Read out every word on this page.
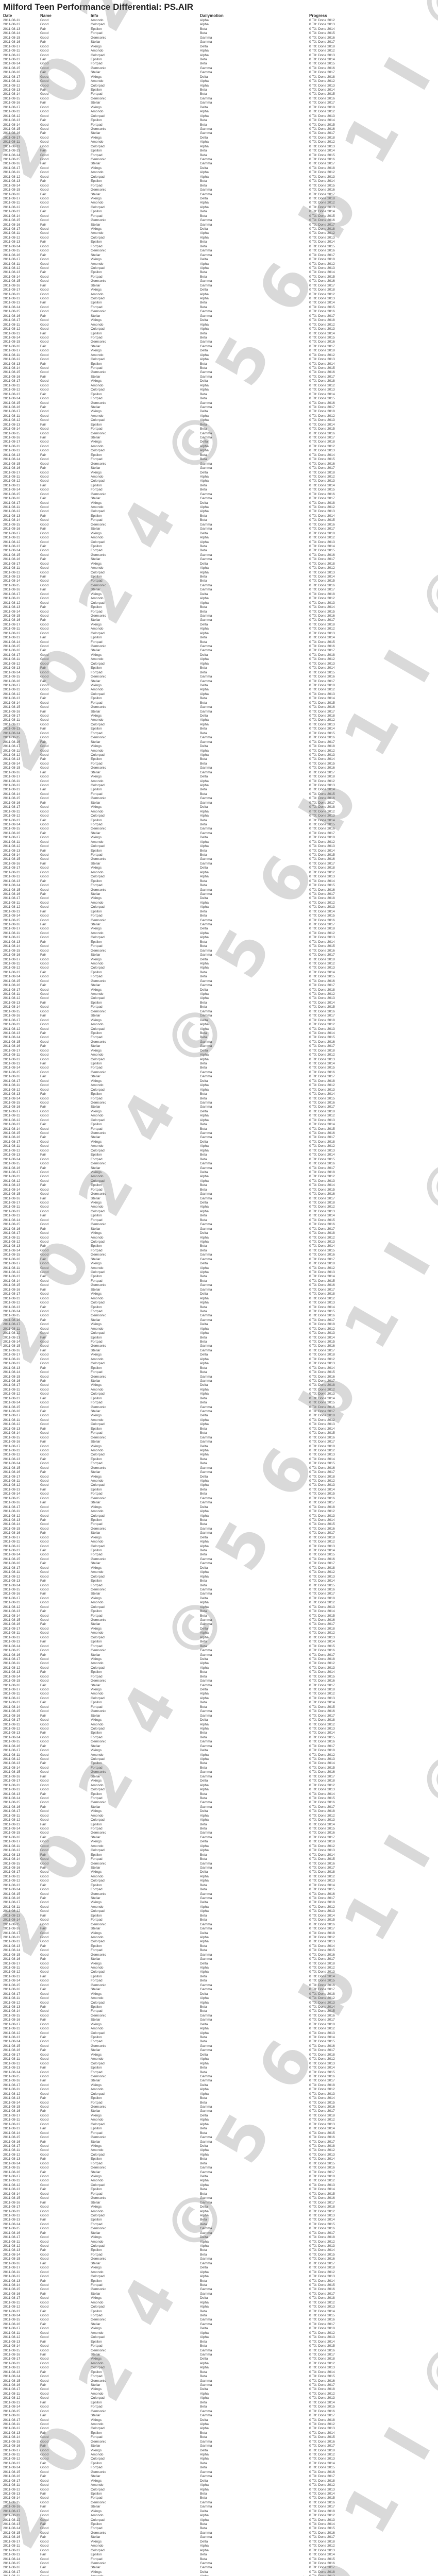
Milford Teen Performance Differential: PS.AIR
Date	Name	Info	Dailymotion	Progress
2011-08-11	Good	Amondo	Alpha	0 TX: Done 2012
2011-08-12	Good	Colorpad	Alpha	0 TX: Done 2013
2011-08-13	Fair	Epsilon	Beta	0 TX: Done 2014
2011-08-14	Good	Fortpad	Beta	0 TX: Done 2015
2011-08-15	Good	Gemsonic	Gamma	0 TX: Done 2016
2011-08-16	Fair	Stellar	Gamma	0 TX: Done 2017
2011-08-17	Good	Vikings	Delta	0 TX: Done 2018
2011-08-11	Good	Amondo	Alpha	0 TX: Done 2012
2011-08-12	Good	Colorpad	Alpha	0 TX: Done 2013
2011-08-13	Fair	Epsilon	Beta	0 TX: Done 2014
2011-08-14	Good	Fortpad	Beta	0 TX: Done 2015
2011-08-15	Good	Gemsonic	Gamma	0 TX: Done 2016
2011-08-16	Fair	Stellar	Gamma	0 TX: Done 2017
2011-08-17	Good	Vikings	Delta	0 TX: Done 2018
2011-08-11	Good	Amondo	Alpha	0 TX: Done 2012
2011-08-12	Good	Colorpad	Alpha	0 TX: Done 2013
2011-08-13	Fair	Epsilon	Beta	0 TX: Done 2014
2011-08-14	Good	Fortpad	Beta	0 TX: Done 2015
2011-08-15	Good	Gemsonic	Gamma	0 TX: Done 2016
2011-08-16	Fair	Stellar	Gamma	0 TX: Done 2017
2011-08-17	Good	Vikings	Delta	0 TX: Done 2018
2011-08-11	Good	Amondo	Alpha	0 TX: Done 2012
2011-08-12	Good	Colorpad	Alpha	0 TX: Done 2013
2011-08-13	Fair	Epsilon	Beta	0 TX: Done 2014
2011-08-14	Good	Fortpad	Beta	0 TX: Done 2015
2011-08-15	Good	Gemsonic	Gamma	0 TX: Done 2016
2011-08-16	Fair	Stellar	Gamma	0 TX: Done 2017
2011-08-17	Good	Vikings	Delta	0 TX: Done 2018
2011-08-11	Good	Amondo	Alpha	0 TX: Done 2012
2011-08-12	Good	Colorpad	Alpha	0 TX: Done 2013
2011-08-13	Fair	Epsilon	Beta	0 TX: Done 2014
2011-08-14	Good	Fortpad	Beta	0 TX: Done 2015
2011-08-15	Good	Gemsonic	Gamma	0 TX: Done 2016
2011-08-16	Fair	Stellar	Gamma	0 TX: Done 2017
2011-08-17	Good	Vikings	Delta	0 TX: Done 2018
2011-08-11	Good	Amondo	Alpha	0 TX: Done 2012
2011-08-12	Good	Colorpad	Alpha	0 TX: Done 2013
2011-08-13	Fair	Epsilon	Beta	0 TX: Done 2014
2011-08-14	Good	Fortpad	Beta	0 TX: Done 2015
2011-08-15	Good	Gemsonic	Gamma	0 TX: Done 2016
2011-08-16	Fair	Stellar	Gamma	0 TX: Done 2017
2011-08-17	Good	Vikings	Delta	0 TX: Done 2018
2011-08-11	Good	Amondo	Alpha	0 TX: Done 2012
2011-08-12	Good	Colorpad	Alpha	0 TX: Done 2013
2011-08-13	Fair	Epsilon	Beta	0 TX: Done 2014
2011-08-14	Good	Fortpad	Beta	0 TX: Done 2015
2011-08-15	Good	Gemsonic	Gamma	0 TX: Done 2016
2011-08-16	Fair	Stellar	Gamma	0 TX: Done 2017
2011-08-17	Good	Vikings	Delta	0 TX: Done 2018
2011-08-11	Good	Amondo	Alpha	0 TX: Done 2012
2011-08-12	Good	Colorpad	Alpha	0 TX: Done 2013
2011-08-13	Fair	Epsilon	Beta	0 TX: Done 2014
2011-08-14	Good	Fortpad	Beta	0 TX: Done 2015
2011-08-15	Good	Gemsonic	Gamma	0 TX: Done 2016
2011-08-16	Fair	Stellar	Gamma	0 TX: Done 2017
2011-08-17	Good	Vikings	Delta	0 TX: Done 2018
2011-08-11	Good	Amondo	Alpha	0 TX: Done 2012
2011-08-12	Good	Colorpad	Alpha	0 TX: Done 2013
2011-08-13	Fair	Epsilon	Beta	0 TX: Done 2014
2011-08-14	Good	Fortpad	Beta	0 TX: Done 2015
2011-08-15	Good	Gemsonic	Gamma	0 TX: Done 2016
2011-08-16	Fair	Stellar	Gamma	0 TX: Done 2017
2011-08-17	Good	Vikings	Delta	0 TX: Done 2018
2011-08-11	Good	Amondo	Alpha	0 TX: Done 2012
2011-08-12	Good	Colorpad	Alpha	0 TX: Done 2013
2011-08-13	Fair	Epsilon	Beta	0 TX: Done 2014
2011-08-14	Good	Fortpad	Beta	0 TX: Done 2015
2011-08-15	Good	Gemsonic	Gamma	0 TX: Done 2016
2011-08-16	Fair	Stellar	Gamma	0 TX: Done 2017
2011-08-17	Good	Vikings	Delta	0 TX: Done 2018
2011-08-11	Good	Amondo	Alpha	0 TX: Done 2012
2011-08-12	Good	Colorpad	Alpha	0 TX: Done 2013
2011-08-13	Fair	Epsilon	Beta	0 TX: Done 2014
2011-08-14	Good	Fortpad	Beta	0 TX: Done 2015
2011-08-15	Good	Gemsonic	Gamma	0 TX: Done 2016
2011-08-16	Fair	Stellar	Gamma	0 TX: Done 2017
2011-08-17	Good	Vikings	Delta	0 TX: Done 2018
2011-08-11	Good	Amondo	Alpha	0 TX: Done 2012
2011-08-12	Good	Colorpad	Alpha	0 TX: Done 2013
2011-08-13	Fair	Epsilon	Beta	0 TX: Done 2014
2011-08-14	Good	Fortpad	Beta	0 TX: Done 2015
2011-08-15	Good	Gemsonic	Gamma	0 TX: Done 2016
2011-08-16	Fair	Stellar	Gamma	0 TX: Done 2017
2011-08-17	Good	Vikings	Delta	0 TX: Done 2018
2011-08-11	Good	Amondo	Alpha	0 TX: Done 2012
2011-08-12	Good	Colorpad	Alpha	0 TX: Done 2013
2011-08-13	Fair	Epsilon	Beta	0 TX: Done 2014
2011-08-14	Good	Fortpad	Beta	0 TX: Done 2015
2011-08-15	Good	Gemsonic	Gamma	0 TX: Done 2016
2011-08-16	Fair	Stellar	Gamma	0 TX: Done 2017
2011-08-17	Good	Vikings	Delta	0 TX: Done 2018
2011-08-11	Good	Amondo	Alpha	0 TX: Done 2012
2011-08-12	Good	Colorpad	Alpha	0 TX: Done 2013
2011-08-13	Fair	Epsilon	Beta	0 TX: Done 2014
2011-08-14	Good	Fortpad	Beta	0 TX: Done 2015
2011-08-15	Good	Gemsonic	Gamma	0 TX: Done 2016
2011-08-16	Fair	Stellar	Gamma	0 TX: Done 2017
2011-08-17	Good	Vikings	Delta	0 TX: Done 2018
2011-08-11	Good	Amondo	Alpha	0 TX: Done 2012
2011-08-12	Good	Colorpad	Alpha	0 TX: Done 2013
2011-08-13	Fair	Epsilon	Beta	0 TX: Done 2014
2011-08-14	Good	Fortpad	Beta	0 TX: Done 2015
2011-08-15	Good	Gemsonic	Gamma	0 TX: Done 2016
2011-08-16	Fair	Stellar	Gamma	0 TX: Done 2017
2011-08-17	Good	Vikings	Delta	0 TX: Done 2018
2011-08-11	Good	Amondo	Alpha	0 TX: Done 2012
2011-08-12	Good	Colorpad	Alpha	0 TX: Done 2013
2011-08-13	Fair	Epsilon	Beta	0 TX: Done 2014
2011-08-14	Good	Fortpad	Beta	0 TX: Done 2015
2011-08-15	Good	Gemsonic	Gamma	0 TX: Done 2016
2011-08-16	Fair	Stellar	Gamma	0 TX: Done 2017
2011-08-17	Good	Vikings	Delta	0 TX: Done 2018
2011-08-11	Good	Amondo	Alpha	0 TX: Done 2012
2011-08-12	Good	Colorpad	Alpha	0 TX: Done 2013
2011-08-13	Fair	Epsilon	Beta	0 TX: Done 2014
2011-08-14	Good	Fortpad	Beta	0 TX: Done 2015
2011-08-15	Good	Gemsonic	Gamma	0 TX: Done 2016
2011-08-16	Fair	Stellar	Gamma	0 TX: Done 2017
2011-08-17	Good	Vikings	Delta	0 TX: Done 2018
2011-08-11	Good	Amondo	Alpha	0 TX: Done 2012
2011-08-12	Good	Colorpad	Alpha	0 TX: Done 2013
2011-08-13	Fair	Epsilon	Beta	0 TX: Done 2014
2011-08-14	Good	Fortpad	Beta	0 TX: Done 2015
2011-08-15	Good	Gemsonic	Gamma	0 TX: Done 2016
2011-08-16	Fair	Stellar	Gamma	0 TX: Done 2017
2011-08-17	Good	Vikings	Delta	0 TX: Done 2018
2011-08-11	Good	Amondo	Alpha	0 TX: Done 2012
2011-08-12	Good	Colorpad	Alpha	0 TX: Done 2013
2011-08-13	Fair	Epsilon	Beta	0 TX: Done 2014
2011-08-14	Good	Fortpad	Beta	0 TX: Done 2015
2011-08-15	Good	Gemsonic	Gamma	0 TX: Done 2016
2011-08-16	Fair	Stellar	Gamma	0 TX: Done 2017
2011-08-17	Good	Vikings	Delta	0 TX: Done 2018
2011-08-11	Good	Amondo	Alpha	0 TX: Done 2012
2011-08-12	Good	Colorpad	Alpha	0 TX: Done 2013
2011-08-13	Fair	Epsilon	Beta	0 TX: Done 2014
2011-08-14	Good	Fortpad	Beta	0 TX: Done 2015
2011-08-15	Good	Gemsonic	Gamma	0 TX: Done 2016
2011-08-16	Fair	Stellar	Gamma	0 TX: Done 2017
2011-08-17	Good	Vikings	Delta	0 TX: Done 2018
2011-08-11	Good	Amondo	Alpha	0 TX: Done 2012
2011-08-12	Good	Colorpad	Alpha	0 TX: Done 2013
2011-08-13	Fair	Epsilon	Beta	0 TX: Done 2014
2011-08-14	Good	Fortpad	Beta	0 TX: Done 2015
2011-08-15	Good	Gemsonic	Gamma	0 TX: Done 2016
2011-08-16	Fair	Stellar	Gamma	0 TX: Done 2017
2011-08-17	Good	Vikings	Delta	0 TX: Done 2018
2011-08-11	Good	Amondo	Alpha	0 TX: Done 2012
2011-08-12	Good	Colorpad	Alpha	0 TX: Done 2013
2011-08-13	Fair	Epsilon	Beta	0 TX: Done 2014
2011-08-14	Good	Fortpad	Beta	0 TX: Done 2015
2011-08-15	Good	Gemsonic	Gamma	0 TX: Done 2016
2011-08-16	Fair	Stellar	Gamma	0 TX: Done 2017
2011-08-17	Good	Vikings	Delta	0 TX: Done 2018
2011-08-11	Good	Amondo	Alpha	0 TX: Done 2012
2011-08-12	Good	Colorpad	Alpha	0 TX: Done 2013
2011-08-13	Fair	Epsilon	Beta	0 TX: Done 2014
2011-08-14	Good	Fortpad	Beta	0 TX: Done 2015
2011-08-15	Good	Gemsonic	Gamma	0 TX: Done 2016
2011-08-16	Fair	Stellar	Gamma	0 TX: Done 2017
2011-08-17	Good	Vikings	Delta	0 TX: Done 2018
2011-08-11	Good	Amondo	Alpha	0 TX: Done 2012
2011-08-12	Good	Colorpad	Alpha	0 TX: Done 2013
2011-08-13	Fair	Epsilon	Beta	0 TX: Done 2014
2011-08-14	Good	Fortpad	Beta	0 TX: Done 2015
2011-08-15	Good	Gemsonic	Gamma	0 TX: Done 2016
2011-08-16	Fair	Stellar	Gamma	0 TX: Done 2017
2011-08-17	Good	Vikings	Delta	0 TX: Done 2018
2011-08-11	Good	Amondo	Alpha	0 TX: Done 2012
2011-08-12	Good	Colorpad	Alpha	0 TX: Done 2013
2011-08-13	Fair	Epsilon	Beta	0 TX: Done 2014
2011-08-14	Good	Fortpad	Beta	0 TX: Done 2015
2011-08-15	Good	Gemsonic	Gamma	0 TX: Done 2016
2011-08-16	Fair	Stellar	Gamma	0 TX: Done 2017
2011-08-17	Good	Vikings	Delta	0 TX: Done 2018
2011-08-11	Good	Amondo	Alpha	0 TX: Done 2012
2011-08-12	Good	Colorpad	Alpha	0 TX: Done 2013
2011-08-13	Fair	Epsilon	Beta	0 TX: Done 2014
2011-08-14	Good	Fortpad	Beta	0 TX: Done 2015
2011-08-15	Good	Gemsonic	Gamma	0 TX: Done 2016
2011-08-16	Fair	Stellar	Gamma	0 TX: Done 2017
2011-08-17	Good	Vikings	Delta	0 TX: Done 2018
2011-08-11	Good	Amondo	Alpha	0 TX: Done 2012
2011-08-12	Good	Colorpad	Alpha	0 TX: Done 2013
2011-08-13	Fair	Epsilon	Beta	0 TX: Done 2014
2011-08-14	Good	Fortpad	Beta	0 TX: Done 2015
2011-08-15	Good	Gemsonic	Gamma	0 TX: Done 2016
2011-08-16	Fair	Stellar	Gamma	0 TX: Done 2017
2011-08-17	Good	Vikings	Delta	0 TX: Done 2018
2011-08-11	Good	Amondo	Alpha	0 TX: Done 2012
2011-08-12	Good	Colorpad	Alpha	0 TX: Done 2013
2011-08-13	Fair	Epsilon	Beta	0 TX: Done 2014
2011-08-14	Good	Fortpad	Beta	0 TX: Done 2015
2011-08-15	Good	Gemsonic	Gamma	0 TX: Done 2016
2011-08-16	Fair	Stellar	Gamma	0 TX: Done 2017
2011-08-17	Good	Vikings	Delta	0 TX: Done 2018
2011-08-11	Good	Amondo	Alpha	0 TX: Done 2012
2011-08-12	Good	Colorpad	Alpha	0 TX: Done 2013
2011-08-13	Fair	Epsilon	Beta	0 TX: Done 2014
2011-08-14	Good	Fortpad	Beta	0 TX: Done 2015
2011-08-15	Good	Gemsonic	Gamma	0 TX: Done 2016
2011-08-16	Fair	Stellar	Gamma	0 TX: Done 2017
2011-08-17	Good	Vikings	Delta	0 TX: Done 2018
2011-08-11	Good	Amondo	Alpha	0 TX: Done 2012
2011-08-12	Good	Colorpad	Alpha	0 TX: Done 2013
2011-08-13	Fair	Epsilon	Beta	0 TX: Done 2014
2011-08-14	Good	Fortpad	Beta	0 TX: Done 2015
2011-08-15	Good	Gemsonic	Gamma	0 TX: Done 2016
2011-08-16	Fair	Stellar	Gamma	0 TX: Done 2017
2011-08-17	Good	Vikings	Delta	0 TX: Done 2018
2011-08-11	Good	Amondo	Alpha	0 TX: Done 2012
2011-08-12	Good	Colorpad	Alpha	0 TX: Done 2013
2011-08-13	Fair	Epsilon	Beta	0 TX: Done 2014
2011-08-14	Good	Fortpad	Beta	0 TX: Done 2015
2011-08-15	Good	Gemsonic	Gamma	0 TX: Done 2016
2011-08-16	Fair	Stellar	Gamma	0 TX: Done 2017
2011-08-17	Good	Vikings	Delta	0 TX: Done 2018
2011-08-11	Good	Amondo	Alpha	0 TX: Done 2012
2011-08-12	Good	Colorpad	Alpha	0 TX: Done 2013
2011-08-13	Fair	Epsilon	Beta	0 TX: Done 2014
2011-08-14	Good	Fortpad	Beta	0 TX: Done 2015
2011-08-15	Good	Gemsonic	Gamma	0 TX: Done 2016
2011-08-16	Fair	Stellar	Gamma	0 TX: Done 2017
2011-08-17	Good	Vikings	Delta	0 TX: Done 2018
2011-08-11	Good	Amondo	Alpha	0 TX: Done 2012
2011-08-12	Good	Colorpad	Alpha	0 TX: Done 2013
2011-08-13	Fair	Epsilon	Beta	0 TX: Done 2014
2011-08-14	Good	Fortpad	Beta	0 TX: Done 2015
2011-08-15	Good	Gemsonic	Gamma	0 TX: Done 2016
2011-08-16	Fair	Stellar	Gamma	0 TX: Done 2017
2011-08-17	Good	Vikings	Delta	0 TX: Done 2018
2011-08-11	Good	Amondo	Alpha	0 TX: Done 2012
2011-08-12	Good	Colorpad	Alpha	0 TX: Done 2013
2011-08-13	Fair	Epsilon	Beta	0 TX: Done 2014
2011-08-14	Good	Fortpad	Beta	0 TX: Done 2015
2011-08-15	Good	Gemsonic	Gamma	0 TX: Done 2016
2011-08-16	Fair	Stellar	Gamma	0 TX: Done 2017
2011-08-17	Good	Vikings	Delta	0 TX: Done 2018
2011-08-11	Good	Amondo	Alpha	0 TX: Done 2012
2011-08-12	Good	Colorpad	Alpha	0 TX: Done 2013
2011-08-13	Fair	Epsilon	Beta	0 TX: Done 2014
2011-08-14	Good	Fortpad	Beta	0 TX: Done 2015
2011-08-15	Good	Gemsonic	Gamma	0 TX: Done 2016
2011-08-16	Fair	Stellar	Gamma	0 TX: Done 2017
2011-08-17	Good	Vikings	Delta	0 TX: Done 2018
2011-08-11	Good	Amondo	Alpha	0 TX: Done 2012
2011-08-12	Good	Colorpad	Alpha	0 TX: Done 2013
2011-08-13	Fair	Epsilon	Beta	0 TX: Done 2014
2011-08-14	Good	Fortpad	Beta	0 TX: Done 2015
2011-08-15	Good	Gemsonic	Gamma	0 TX: Done 2016
2011-08-16	Fair	Stellar	Gamma	0 TX: Done 2017
2011-08-17	Good	Vikings	Delta	0 TX: Done 2018
2011-08-11	Good	Amondo	Alpha	0 TX: Done 2012
2011-08-12	Good	Colorpad	Alpha	0 TX: Done 2013
2011-08-13	Fair	Epsilon	Beta	0 TX: Done 2014
2011-08-14	Good	Fortpad	Beta	0 TX: Done 2015
2011-08-15	Good	Gemsonic	Gamma	0 TX: Done 2016
2011-08-16	Fair	Stellar	Gamma	0 TX: Done 2017
2011-08-17	Good	Vikings	Delta	0 TX: Done 2018
2011-08-11	Good	Amondo	Alpha	0 TX: Done 2012
2011-08-12	Good	Colorpad	Alpha	0 TX: Done 2013
2011-08-13	Fair	Epsilon	Beta	0 TX: Done 2014
2011-08-14	Good	Fortpad	Beta	0 TX: Done 2015
2011-08-15	Good	Gemsonic	Gamma	0 TX: Done 2016
2011-08-16	Fair	Stellar	Gamma	0 TX: Done 2017
2011-08-17	Good	Vikings	Delta	0 TX: Done 2018
2011-08-11	Good	Amondo	Alpha	0 TX: Done 2012
2011-08-12	Good	Colorpad	Alpha	0 TX: Done 2013
2011-08-13	Fair	Epsilon	Beta	0 TX: Done 2014
2011-08-14	Good	Fortpad	Beta	0 TX: Done 2015
2011-08-15	Good	Gemsonic	Gamma	0 TX: Done 2016
2011-08-16	Fair	Stellar	Gamma	0 TX: Done 2017
2011-08-17	Good	Vikings	Delta	0 TX: Done 2018
2011-08-11	Good	Amondo	Alpha	0 TX: Done 2012
2011-08-12	Good	Colorpad	Alpha	0 TX: Done 2013
2011-08-13	Fair	Epsilon	Beta	0 TX: Done 2014
2011-08-14	Good	Fortpad	Beta	0 TX: Done 2015
2011-08-15	Good	Gemsonic	Gamma	0 TX: Done 2016
2011-08-16	Fair	Stellar	Gamma	0 TX: Done 2017
2011-08-17	Good	Vikings	Delta	0 TX: Done 2018
2011-08-11	Good	Amondo	Alpha	0 TX: Done 2012
2011-08-12	Good	Colorpad	Alpha	0 TX: Done 2013
2011-08-13	Fair	Epsilon	Beta	0 TX: Done 2014
2011-08-14	Good	Fortpad	Beta	0 TX: Done 2015
2011-08-15	Good	Gemsonic	Gamma	0 TX: Done 2016
2011-08-16	Fair	Stellar	Gamma	0 TX: Done 2017
2011-08-17	Good	Vikings	Delta	0 TX: Done 2018
2011-08-11	Good	Amondo	Alpha	0 TX: Done 2012
2011-08-12	Good	Colorpad	Alpha	0 TX: Done 2013
2011-08-13	Fair	Epsilon	Beta	0 TX: Done 2014
2011-08-14	Good	Fortpad	Beta	0 TX: Done 2015
2011-08-15	Good	Gemsonic	Gamma	0 TX: Done 2016
2011-08-16	Fair	Stellar	Gamma	0 TX: Done 2017
2011-08-17	Good	Vikings	Delta	0 TX: Done 2018
2011-08-11	Good	Amondo	Alpha	0 TX: Done 2012
2011-08-12	Good	Colorpad	Alpha	0 TX: Done 2013
2011-08-13	Fair	Epsilon	Beta	0 TX: Done 2014
2011-08-14	Good	Fortpad	Beta	0 TX: Done 2015
2011-08-15	Good	Gemsonic	Gamma	0 TX: Done 2016
2011-08-16	Fair	Stellar	Gamma	0 TX: Done 2017
2011-08-17	Good	Vikings	Delta	0 TX: Done 2018
2011-08-11	Good	Amondo	Alpha	0 TX: Done 2012
2011-08-12	Good	Colorpad	Alpha	0 TX: Done 2013
2011-08-13	Fair	Epsilon	Beta	0 TX: Done 2014
2011-08-14	Good	Fortpad	Beta	0 TX: Done 2015
2011-08-15	Good	Gemsonic	Gamma	0 TX: Done 2016
2011-08-16	Fair	Stellar	Gamma	0 TX: Done 2017
2011-08-17	Good	Vikings	Delta	0 TX: Done 2018
2011-08-11	Good	Amondo	Alpha	0 TX: Done 2012
2011-08-12	Good	Colorpad	Alpha	0 TX: Done 2013
2011-08-13	Fair	Epsilon	Beta	0 TX: Done 2014
2011-08-14	Good	Fortpad	Beta	0 TX: Done 2015
2011-08-15	Good	Gemsonic	Gamma	0 TX: Done 2016
2011-08-16	Fair	Stellar	Gamma	0 TX: Done 2017
2011-08-17	Good	Vikings	Delta	0 TX: Done 2018
2011-08-11	Good	Amondo	Alpha	0 TX: Done 2012
2011-08-12	Good	Colorpad	Alpha	0 TX: Done 2013
2011-08-13	Fair	Epsilon	Beta	0 TX: Done 2014
2011-08-14	Good	Fortpad	Beta	0 TX: Done 2015
2011-08-15	Good	Gemsonic	Gamma	0 TX: Done 2016
2011-08-16	Fair	Stellar	Gamma	0 TX: Done 2017
2011-08-17	Good	Vikings	Delta	0 TX: Done 2018
2011-08-11	Good	Amondo	Alpha	0 TX: Done 2012
2011-08-12	Good	Colorpad	Alpha	0 TX: Done 2013
2011-08-13	Fair	Epsilon	Beta	0 TX: Done 2014
2011-08-14	Good	Fortpad	Beta	0 TX: Done 2015
2011-08-15	Good	Gemsonic	Gamma	0 TX: Done 2016
2011-08-16	Fair	Stellar	Gamma	0 TX: Done 2017
2011-08-17	Good	Vikings	Delta	0 TX: Done 2018
2011-08-11	Good	Amondo	Alpha	0 TX: Done 2012
2011-08-12	Good	Colorpad	Alpha	0 TX: Done 2013
2011-08-13	Fair	Epsilon	Beta	0 TX: Done 2014
2011-08-14	Good	Fortpad	Beta	0 TX: Done 2015
2011-08-15	Good	Gemsonic	Gamma	0 TX: Done 2016
2011-08-16	Fair	Stellar	Gamma	0 TX: Done 2017
2011-08-17	Good	Vikings	Delta	0 TX: Done 2018
2011-08-11	Good	Amondo	Alpha	0 TX: Done 2012
2011-08-12	Good	Colorpad	Alpha	0 TX: Done 2013
2011-08-13	Fair	Epsilon	Beta	0 TX: Done 2014
2011-08-14	Good	Fortpad	Beta	0 TX: Done 2015
2011-08-15	Good	Gemsonic	Gamma	0 TX: Done 2016
2011-08-16	Fair	Stellar	Gamma	0 TX: Done 2017
2011-08-17	Good	Vikings	Delta	0 TX: Done 2018
2011-08-11	Good	Amondo	Alpha	0 TX: Done 2012
2011-08-12	Good	Colorpad	Alpha	0 TX: Done 2013
2011-08-13	Fair	Epsilon	Beta	0 TX: Done 2014
2011-08-14	Good	Fortpad	Beta	0 TX: Done 2015
2011-08-15	Good	Gemsonic	Gamma	0 TX: Done 2016
2011-08-16	Fair	Stellar	Gamma	0 TX: Done 2017
2011-08-17	Good	Vikings	Delta	0 TX: Done 2018
2011-08-11	Good	Amondo	Alpha	0 TX: Done 2012
2011-08-12	Good	Colorpad	Alpha	0 TX: Done 2013
2011-08-13	Fair	Epsilon	Beta	0 TX: Done 2014
2011-08-14	Good	Fortpad	Beta	0 TX: Done 2015
2011-08-15	Good	Gemsonic	Gamma	0 TX: Done 2016
2011-08-16	Fair	Stellar	Gamma	0 TX: Done 2017
2011-08-17	Good	Vikings	Delta	0 TX: Done 2018
2011-08-11	Good	Amondo	Alpha	0 TX: Done 2012
2011-08-12	Good	Colorpad	Alpha	0 TX: Done 2013
2011-08-13	Fair	Epsilon	Beta	0 TX: Done 2014
2011-08-14	Good	Fortpad	Beta	0 TX: Done 2015
2011-08-15	Good	Gemsonic	Gamma	0 TX: Done 2016
2011-08-16	Fair	Stellar	Gamma	0 TX: Done 2017
2011-08-17	Good	Vikings	Delta	0 TX: Done 2018
2011-08-11	Good	Amondo	Alpha	0 TX: Done 2012
2011-08-12	Good	Colorpad	Alpha	0 TX: Done 2013
2011-08-13	Fair	Epsilon	Beta	0 TX: Done 2014
2011-08-14	Good	Fortpad	Beta	0 TX: Done 2015
2011-08-15	Good	Gemsonic	Gamma	0 TX: Done 2016
2011-08-16	Fair	Stellar	Gamma	0 TX: Done 2017
2011-08-17	Good	Vikings	Delta	0 TX: Done 2018
2011-08-11	Good	Amondo	Alpha	0 TX: Done 2012
2011-08-12	Good	Colorpad	Alpha	0 TX: Done 2013
2011-08-13	Fair	Epsilon	Beta	0 TX: Done 2014
2011-08-14	Good	Fortpad	Beta	0 TX: Done 2015
2011-08-15	Good	Gemsonic	Gamma	0 TX: Done 2016
2011-08-16	Fair	Stellar	Gamma	0 TX: Done 2017
2011-08-17	Good	Vikings	Delta	0 TX: Done 2018
2011-08-11	Good	Amondo	Alpha	0 TX: Done 2012
2011-08-12	Good	Colorpad	Alpha	0 TX: Done 2013
2011-08-13	Fair	Epsilon	Beta	0 TX: Done 2014
2011-08-14	Good	Fortpad	Beta	0 TX: Done 2015
2011-08-15	Good	Gemsonic	Gamma	0 TX: Done 2016
2011-08-16	Fair	Stellar	Gamma	0 TX: Done 2017
2011-08-17	Good	Vikings	Delta	0 TX: Done 2018
2011-08-11	Good	Amondo	Alpha	0 TX: Done 2012
2011-08-12	Good	Colorpad	Alpha	0 TX: Done 2013
2011-08-13	Fair	Epsilon	Beta	0 TX: Done 2014
2011-08-14	Good	Fortpad	Beta	0 TX: Done 2015
2011-08-15	Good	Gemsonic	Gamma	0 TX: Done 2016
2011-08-16	Fair	Stellar	Gamma	0 TX: Done 2017
2011-08-17	Good	Vikings	Delta	0 TX: Done 2018
2011-08-11	Good	Amondo	Alpha	0 TX: Done 2012
2011-08-12	Good	Colorpad	Alpha	0 TX: Done 2013
2011-08-13	Fair	Epsilon	Beta	0 TX: Done 2014
2011-08-14	Good	Fortpad	Beta	0 TX: Done 2015
2011-08-15	Good	Gemsonic	Gamma	0 TX: Done 2016
2011-08-16	Fair	Stellar	Gamma	0 TX: Done 2017
2011-08-17	Good	Vikings	Delta	0 TX: Done 2018
2011-08-11	Good	Amondo	Alpha	0 TX: Done 2012
2011-08-12	Good	Colorpad	Alpha	0 TX: Done 2013
2011-08-13	Fair	Epsilon	Beta	0 TX: Done 2014
2011-08-14	Good	Fortpad	Beta	0 TX: Done 2015
2011-08-15	Good	Gemsonic	Gamma	0 TX: Done 2016
2011-08-16	Fair	Stellar	Gamma	0 TX: Done 2017
2011-08-17	Good	Vikings	Delta	0 TX: Done 2018
2011-08-11	Good	Amondo	Alpha	0 TX: Done 2012
2011-08-12	Good	Colorpad	Alpha	0 TX: Done 2013
2011-08-13	Fair	Epsilon	Beta	0 TX: Done 2014
2011-08-14	Good	Fortpad	Beta	0 TX: Done 2015
2011-08-15	Good	Gemsonic	Gamma	0 TX: Done 2016
2011-08-16	Fair	Stellar	Gamma	0 TX: Done 2017
2011-08-17	Good	Vikings	Delta	0 TX: Done 2018
2011-08-11	Good	Amondo	Alpha	0 TX: Done 2012
2011-08-12	Good	Colorpad	Alpha	0 TX: Done 2013
2011-08-13	Fair	Epsilon	Beta	0 TX: Done 2014
2011-08-14	Good	Fortpad	Beta	0 TX: Done 2015
2011-08-15	Good	Gemsonic	Gamma	0 TX: Done 2016
2011-08-16	Fair	Stellar	Gamma	0 TX: Done 2017
2011-08-17	Good	Vikings	Delta	0 TX: Done 2018
2011-08-11	Good	Amondo	Alpha	0 TX: Done 2012
2011-08-12	Good	Colorpad	Alpha	0 TX: Done 2013
2011-08-13	Fair	Epsilon	Beta	0 TX: Done 2014
2011-08-14	Good	Fortpad	Beta	0 TX: Done 2015
2011-08-15	Good	Gemsonic	Gamma	0 TX: Done 2016
2011-08-16	Fair	Stellar	Gamma	0 TX: Done 2017
2011-08-17	Good	Vikings	Delta	0 TX: Done 2018
2011-08-11	Good	Amondo	Alpha	0 TX: Done 2012
2011-08-12	Good	Colorpad	Alpha	0 TX: Done 2013
2011-08-13	Fair	Epsilon	Beta	0 TX: Done 2014
2011-08-14	Good	Fortpad	Beta	0 TX: Done 2015
2011-08-15	Good	Gemsonic	Gamma	0 TX: Done 2016
2011-08-16	Fair	Stellar	Gamma	0 TX: Done 2017
2011-08-17	Good	Vikings	Delta	0 TX: Done 2018
2011-08-11	Good	Amondo	Alpha	0 TX: Done 2012
2011-08-12	Good	Colorpad	Alpha	0 TX: Done 2013
2011-08-13	Fair	Epsilon	Beta	0 TX: Done 2014
2011-08-14	Good	Fortpad	Beta	0 TX: Done 2015
2011-08-15	Good	Gemsonic	Gamma	0 TX: Done 2016
2011-08-16	Fair	Stellar	Gamma	0 TX: Done 2017
2011-08-17	Good	Vikings	Delta	0 TX: Done 2018
2011-08-11	Good	Amondo	Alpha	0 TX: Done 2012
2011-08-12	Good	Colorpad	Alpha	0 TX: Done 2013
2011-08-13	Fair	Epsilon	Beta	0 TX: Done 2014
2011-08-14	Good	Fortpad	Beta	0 TX: Done 2015
2011-08-15	Good	Gemsonic	Gamma	0 TX: Done 2016
2011-08-16	Fair	Stellar	Gamma	0 TX: Done 2017
2011-08-17	Good	Vikings	Delta	0 TX: Done 2018
2011-08-11	Good	Amondo	Alpha	0 TX: Done 2012
2011-08-12	Good	Colorpad	Alpha	0 TX: Done 2013
2011-08-13	Fair	Epsilon	Beta	0 TX: Done 2014
2011-08-14	Good	Fortpad	Beta	0 TX: Done 2015
2011-08-15	Good	Gemsonic	Gamma	0 TX: Done 2016
2011-08-16	Fair	Stellar	Gamma	0 TX: Done 2017
2011-08-17	Good	Vikings	Delta	0 TX: Done 2018
2011-08-11	Good	Amondo	Alpha	0 TX: Done 2012
2011-08-12	Good	Colorpad	Alpha	0 TX: Done 2013
2011-08-13	Fair	Epsilon	Beta	0 TX: Done 2014
2011-08-14	Good	Fortpad	Beta	0 TX: Done 2015
2011-08-15	Good	Gemsonic	Gamma	0 TX: Done 2016
2011-08-16	Fair	Stellar	Gamma	0 TX: Done 2017
2011-08-17	Good	Vikings	Delta	0 TX: Done 2018
2011-08-11	Good	Amondo	Alpha	0 TX: Done 2012
2011-08-12	Good	Colorpad	Alpha	0 TX: Done 2013
2011-08-13	Fair	Epsilon	Beta	0 TX: Done 2014
2011-08-14	Good	Fortpad	Beta	0 TX: Done 2015
2011-08-15	Good	Gemsonic	Gamma	0 TX: Done 2016
2011-08-16	Fair	Stellar	Gamma	0 TX: Done 2017
2011-08-17	Good	Vikings	Delta	0 TX: Done 2018
2011-08-11	Good	Amondo	Alpha	0 TX: Done 2012
2011-08-12	Good	Colorpad	Alpha	0 TX: Done 2013
2011-08-13	Fair	Epsilon	Beta	0 TX: Done 2014
2011-08-14	Good	Fortpad	Beta	0 TX: Done 2015
2011-08-15	Good	Gemsonic	Gamma	0 TX: Done 2016
2011-08-16	Fair	Stellar	Gamma	0 TX: Done 2017
2011-08-17	Good	Vikings	Delta	0 TX: Done 2018
2011-08-11	Good	Amondo	Alpha	0 TX: Done 2012
2011-08-12	Good	Colorpad	Alpha	0 TX: Done 2013
2011-08-13	Fair	Epsilon	Beta	0 TX: Done 2014
2011-08-14	Good	Fortpad	Beta	0 TX: Done 2015
2011-08-15	Good	Gemsonic	Gamma	0 TX: Done 2016
2011-08-16	Fair	Stellar	Gamma	0 TX: Done 2017
2011-08-17	Good	Vikings	Delta	0 TX: Done 2018
2011-08-11	Good	Amondo	Alpha	0 TX: Done 2012
2011-08-12	Good	Colorpad	Alpha	0 TX: Done 2013
2011-08-13	Fair	Epsilon	Beta	0 TX: Done 2014
2011-08-14	Good	Fortpad	Beta	0 TX: Done 2015
2011-08-15	Good	Gemsonic	Gamma	0 TX: Done 2016
2011-08-16	Fair	Stellar	Gamma	0 TX: Done 2017
2011-08-17	Good	Vikings	Delta	0 TX: Done 2018
2011-08-11	Good	Amondo	Alpha	0 TX: Done 2012
2011-08-12	Good	Colorpad	Alpha	0 TX: Done 2013
2011-08-13	Fair	Epsilon	Beta	0 TX: Done 2014
2011-08-14	Good	Fortpad	Beta	0 TX: Done 2015
2011-08-15	Good	Gemsonic	Gamma	0 TX: Done 2016
2011-08-16	Fair	Stellar	Gamma	0 TX: Done 2017
2011-08-17	Good	Vikings	Delta	0 TX: Done 2018
2011-08-11	Good	Amondo	Alpha	0 TX: Done 2012
2011-08-12	Good	Colorpad	Alpha	0 TX: Done 2013
2011-08-13	Fair	Epsilon	Beta	0 TX: Done 2014
2011-08-14	Good	Fortpad	Beta	0 TX: Done 2015
2011-08-15	Good	Gemsonic	Gamma	0 TX: Done 2016
2011-08-16	Fair	Stellar	Gamma	0 TX: Done 2017
2011-08-17	Good	Vikings	Delta	0 TX: Done 2018
2011-08-11	Good	Amondo	Alpha	0 TX: Done 2012
2011-08-12	Good	Colorpad	Alpha	0 TX: Done 2013
2011-08-13	Fair	Epsilon	Beta	0 TX: Done 2014
2011-08-14	Good	Fortpad	Beta	0 TX: Done 2015
2011-08-15	Good	Gemsonic	Gamma	0 TX: Done 2016
2011-08-16	Fair	Stellar	Gamma	0 TX: Done 2017
2011-08-17	Good	Vikings	Delta	0 TX: Done 2018
2011-08-11	Good	Amondo	Alpha	0 TX: Done 2012
2011-08-12	Good	Colorpad	Alpha	0 TX: Done 2013
2011-08-13	Fair	Epsilon	Beta	0 TX: Done 2014
2011-08-14	Good	Fortpad	Beta	0 TX: Done 2015
2011-08-15	Good	Gemsonic	Gamma	0 TX: Done 2016
2011-08-16	Fair	Stellar	Gamma	0 TX: Done 2017
2011-08-17	Good	Vikings	Delta	0 TX: Done 2018
2011-08-11	Good	Amondo	Alpha	0 TX: Done 2012
2011-08-12	Good	Colorpad	Alpha	0 TX: Done 2013
2011-08-13	Fair	Epsilon	Beta	0 TX: Done 2014
2011-08-14	Good	Fortpad	Beta	0 TX: Done 2015
2011-08-15	Good	Gemsonic	Gamma	0 TX: Done 2016
2011-08-16	Fair	Stellar	Gamma	0 TX: Done 2017
2011-08-17	Good	Vikings	Delta	0 TX: Done 2018
2011-08-11	Good	Amondo	Alpha	0 TX: Done 2012
2011-08-12	Good	Colorpad	Alpha	0 TX: Done 2013
2011-08-13	Fair	Epsilon	Beta	0 TX: Done 2014
2011-08-14	Good	Fortpad	Beta	0 TX: Done 2015
2011-08-15	Good	Gemsonic	Gamma	0 TX: Done 2016
2011-08-16	Fair	Stellar	Gamma	0 TX: Done 2017
2011-08-17	Good	Vikings	Delta	0 TX: Done 2018
2011-08-11	Good	Amondo	Alpha	0 TX: Done 2012
2011-08-12	Good	Colorpad	Alpha	0 TX: Done 2013
2011-08-13	Fair	Epsilon	Beta	0 TX: Done 2014
2011-08-14	Good	Fortpad	Beta	0 TX: Done 2015
2011-08-15	Good	Gemsonic	Gamma	0 TX: Done 2016
2011-08-16	Fair	Stellar	Gamma	0 TX: Done 2017
2011-08-17	Good	Vikings	Delta	0 TX: Done 2018
2011-08-11	Good	Amondo	Alpha	0 TX: Done 2012
2011-08-12	Good	Colorpad	Alpha	0 TX: Done 2013
2011-08-13	Fair	Epsilon	Beta	0 TX: Done 2014
2011-08-14	Good	Fortpad	Beta	0 TX: Done 2015
2011-08-15	Good	Gemsonic	Gamma	0 TX: Done 2016
2011-08-16	Fair	Stellar	Gamma	0 TX: Done 2017
2011-08-17	Good	Vikings	Delta	0 TX: Done 2018
2011-08-11	Good	Amondo	Alpha	0 TX: Done 2012
2011-08-12	Good	Colorpad	Alpha	0 TX: Done 2013
2011-08-13	Fair	Epsilon	Beta	0 TX: Done 2014
2011-08-14	Good	Fortpad	Beta	0 TX: Done 2015
2011-08-15	Good	Gemsonic	Gamma	0 TX: Done 2016
2011-08-16	Fair	Stellar	Gamma	0 TX: Done 2017
2011-08-17	Good	Vikings	Delta	0 TX: Done 2018
2011-08-11	Good	Amondo	Alpha	0 TX: Done 2012
2011-08-12	Good	Colorpad	Alpha	0 TX: Done 2013
2011-08-13	Fair	Epsilon	Beta	0 TX: Done 2014
2011-08-14	Good	Fortpad	Beta	0 TX: Done 2015
2011-08-15	Good	Gemsonic	Gamma	0 TX: Done 2016
2011-08-16	Fair	Stellar	Gamma	0 TX: Done 2017
2011-08-17	Good	Vikings	Delta	0 TX: Done 2018
2011-08-11	Good	Amondo	Alpha	0 TX: Done 2012
2011-08-12	Good	Colorpad	Alpha	0 TX: Done 2013
2011-08-13	Fair	Epsilon	Beta	0 TX: Done 2014
2011-08-14	Good	Fortpad	Beta	0 TX: Done 2015
2011-08-15	Good	Gemsonic	Gamma	0 TX: Done 2016
2011-08-16	Fair	Stellar	Gamma	0 TX: Done 2017
2011-08-17	Good	Vikings	Delta	0 TX: Done 2018
2011-08-11	Good	Amondo	Alpha	0 TX: Done 2012
2011-08-12	Good	Colorpad	Alpha	0 TX: Done 2013
2011-08-13	Fair	Epsilon	Beta	0 TX: Done 2014
2011-08-14	Good	Fortpad	Beta	0 TX: Done 2015
2011-08-15	Good	Gemsonic	Gamma	0 TX: Done 2016
2011-08-16	Fair	Stellar	Gamma	0 TX: Done 2017
2011-08-17	Good	Vikings	Delta	0 TX: Done 2018
2011-08-11	Good	Amondo	Alpha	0 TX: Done 2012
2011-08-12	Good	Colorpad	Alpha	0 TX: Done 2013
2011-08-13	Fair	Epsilon	Beta	0 TX: Done 2014
2011-08-14	Good	Fortpad	Beta	0 TX: Done 2015
2011-08-15	Good	Gemsonic	Gamma	0 TX: Done 2016
2011-08-16	Fair	Stellar	Gamma	0 TX: Done 2017
2011-08-17	Good	Vikings	Delta	0 TX: Done 2018
2011-08-11	Good	Amondo	Alpha	0 TX: Done 2012
2011-08-12	Good	Colorpad	Alpha	0 TX: Done 2013
2011-08-13	Fair	Epsilon	Beta	0 TX: Done 2014
2011-08-14	Good	Fortpad	Beta	0 TX: Done 2015
2011-08-15	Good	Gemsonic	Gamma	0 TX: Done 2016
2011-08-16	Fair	Stellar	Gamma	0 TX: Done 2017
2011-08-17	Good	Vikings	Delta	0 TX: Done 2018
2 0 2 4 © 5 6 b 1 l
2 0 2 4 © 5 6 b 1 l ©
2 0 2 4 © 5 6 b 1 l ©
2 0 2 4 © 5 6 b 1 l ©
